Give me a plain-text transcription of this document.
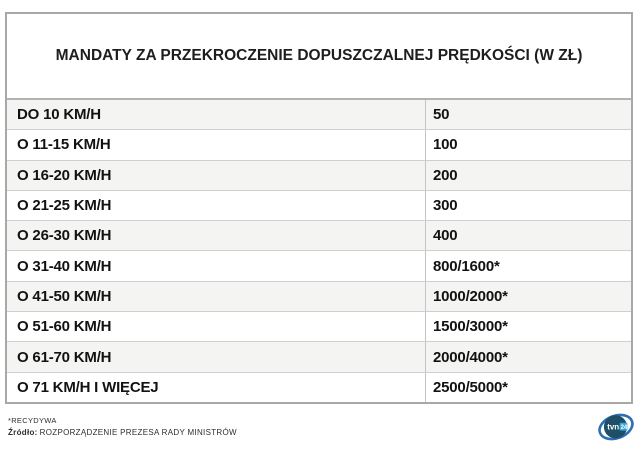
MANDATY ZA PRZEKROCZENIE DOPUSZCZALNEJ PRĘDKOŚCI (W ZŁ)
DO 10 KM/H	50
O 11-15 KM/H	100
O 16-20 KM/H	200
O 21-25 KM/H	300
O 26-30 KM/H	400
O 31-40 KM/H	800/1600*
O 41-50 KM/H	1000/2000*
O 51-60 KM/H	1500/3000*
O 61-70 KM/H	2000/4000*
O 71 KM/H I WIĘCEJ	2500/5000*
*RECYDYWA
Źródło: ROZPORZĄDZENIE PREZESA RADY MINISTRÓW
tvn 24
